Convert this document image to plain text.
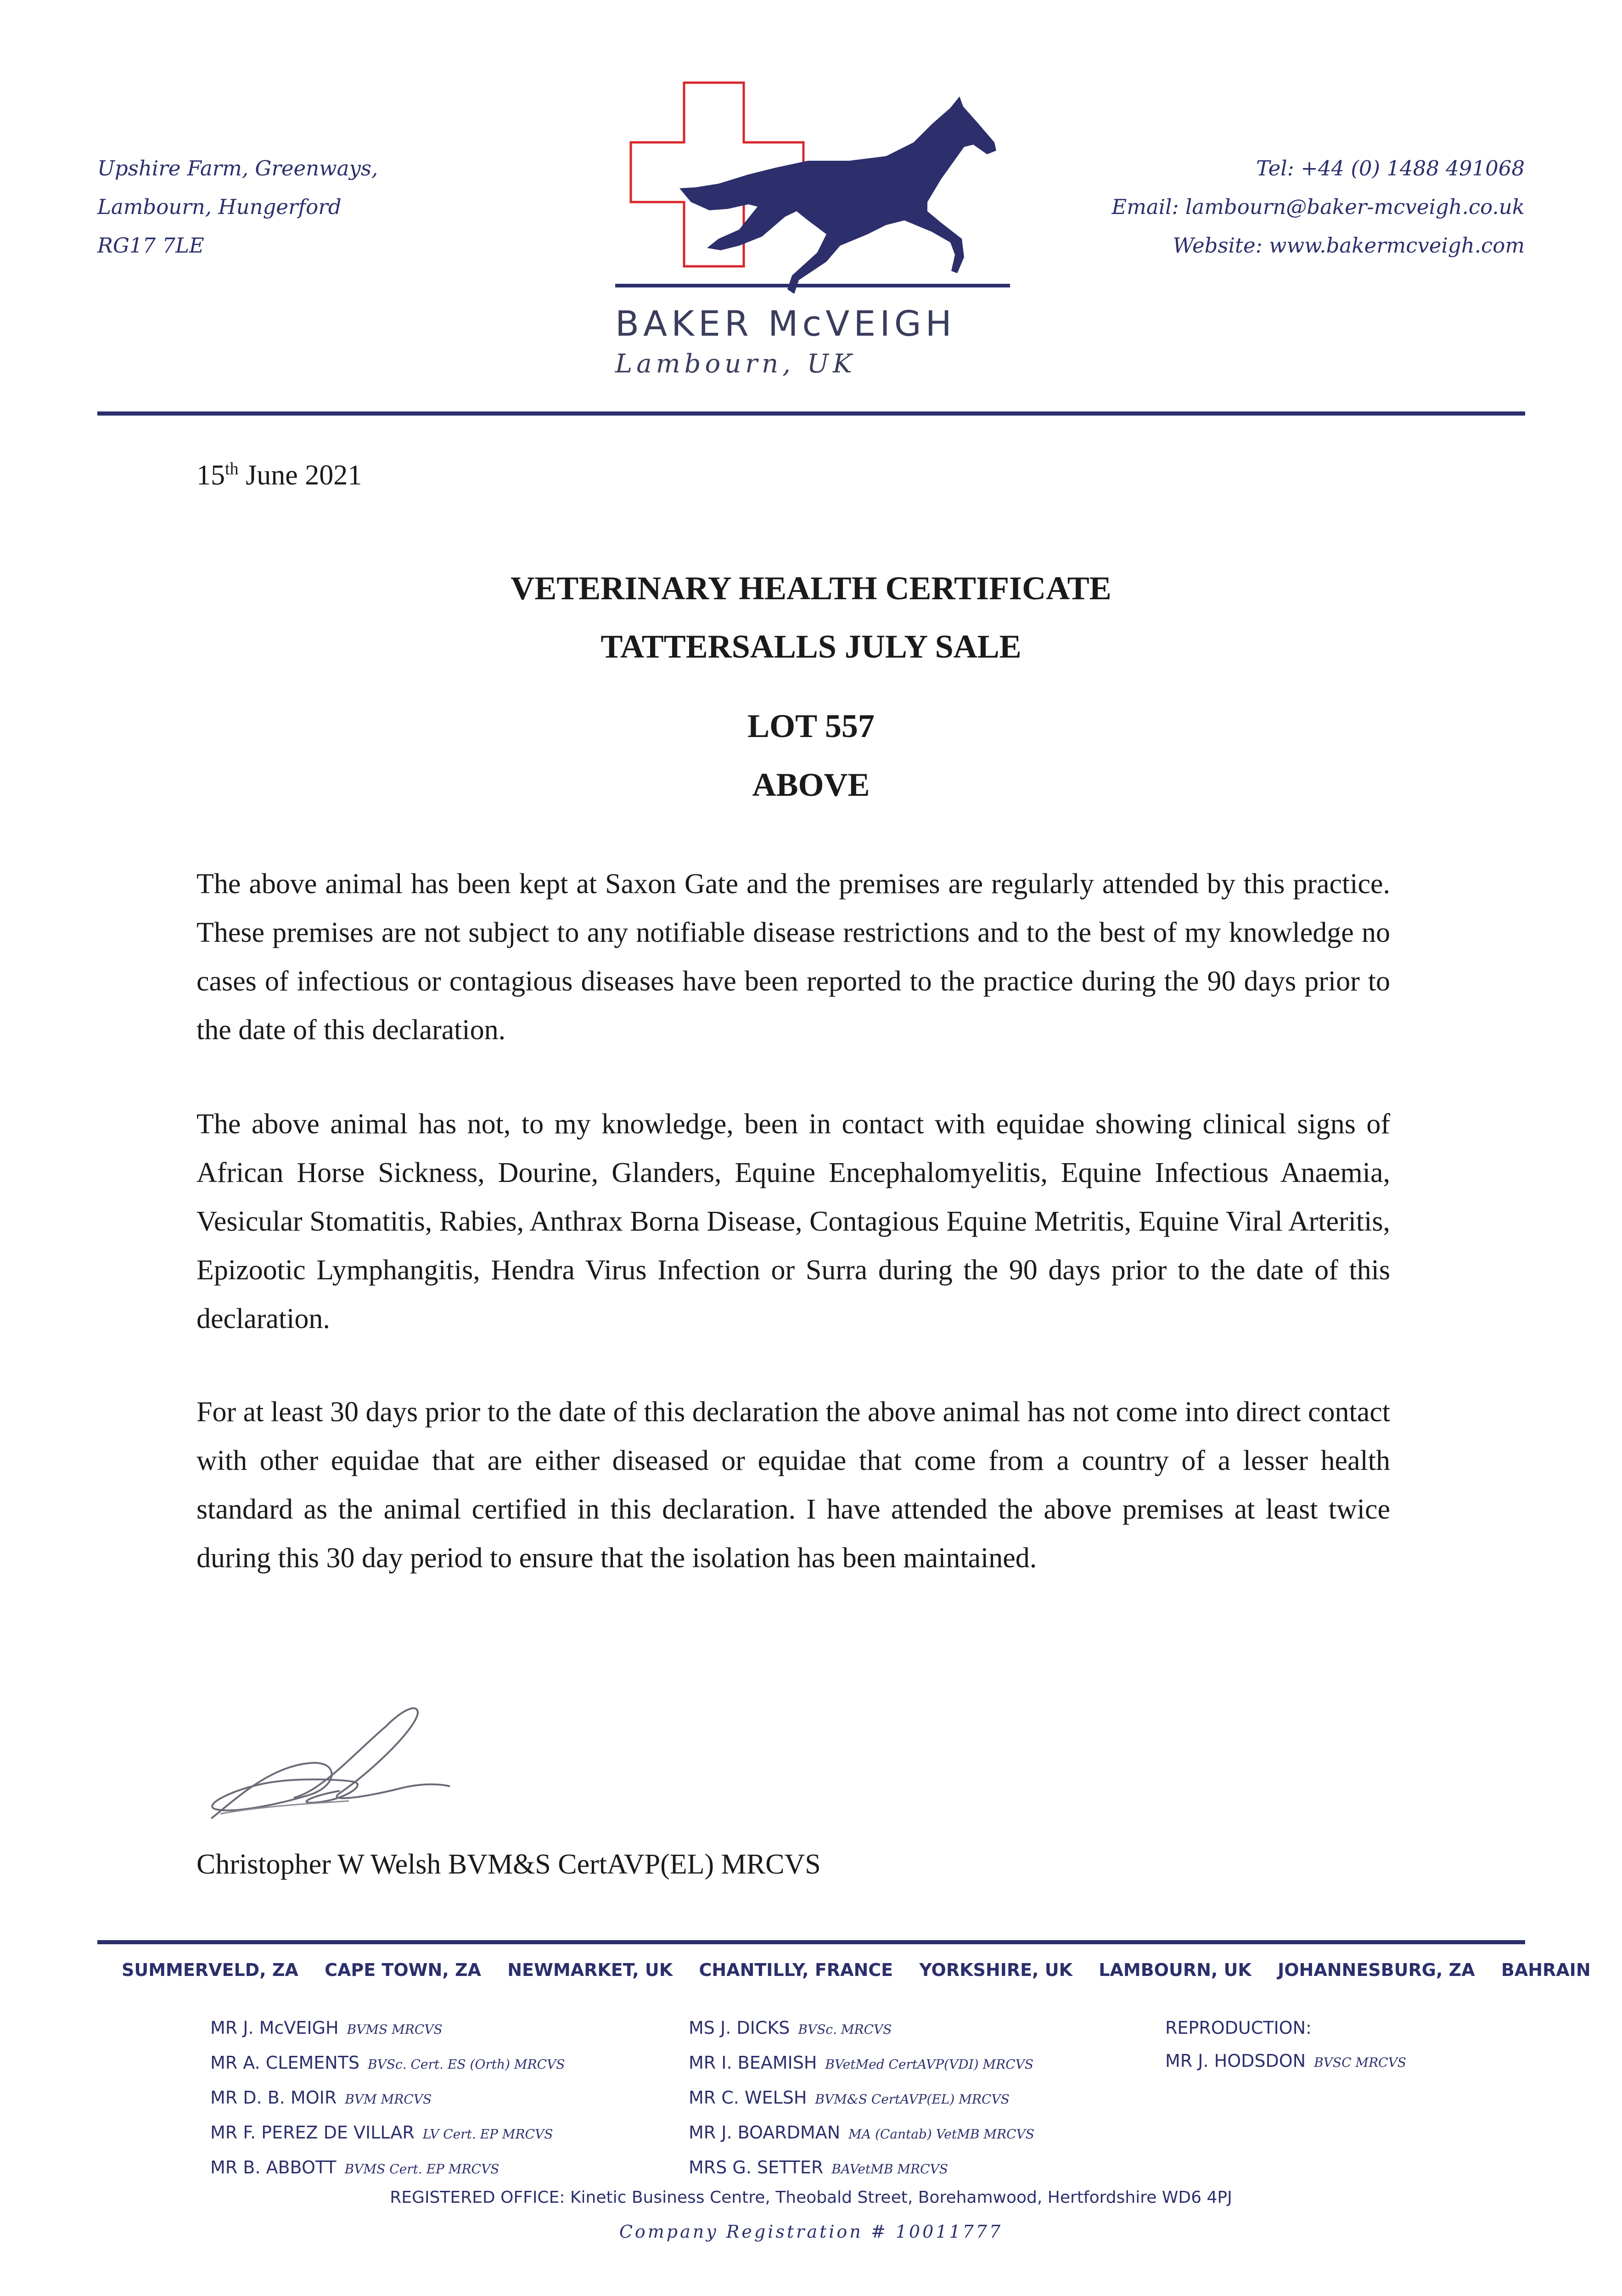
Upshire Farm, Greenways,
Lambourn, Hungerford
RG17 7LE
BAKER McVEIGH
Lambourn, UK
Tel: +44 (0) 1488 491068
Email: lambourn@baker-mcveigh.co.uk
Website: www.bakermcveigh.com
15th June 2021
VETERINARY HEALTH CERTIFICATE
TATTERSALLS JULY SALE
LOT 557
ABOVE
The above animal has been kept at Saxon Gate and the premises are regularly attended by this practice. These premises are not subject to any notifiable disease restrictions and to the best of my knowledge no cases of infectious or contagious diseases have been reported to the practice during the 90 days prior to the date of this declaration.
The above animal has not, to my knowledge, been in contact with equidae showing clinical signs of African Horse Sickness, Dourine, Glanders, Equine Encephalomyelitis, Equine Infectious Anaemia, Vesicular Stomatitis, Rabies, Anthrax Borna Disease, Contagious Equine Metritis, Equine Viral Arteritis, Epizootic Lymphangitis, Hendra Virus Infection or Surra during the 90 days prior to the date of this declaration.
For at least 30 days prior to the date of this declaration the above animal has not come into direct contact with other equidae that are either diseased or equidae that come from a country of a lesser health standard as the animal certified in this declaration. I have attended the above premises at least twice during this 30 day period to ensure that the isolation has been maintained.
Christopher W Welsh BVM&S CertAVP(EL) MRCVS
SUMMERVELD, ZA CAPE TOWN, ZA NEWMARKET, UK CHANTILLY, FRANCE YORKSHIRE, UK LAMBOURN, UK JOHANNESBURG, ZA BAHRAIN
MR J. McVEIGH BVMS MRCVS
MR A. CLEMENTS BVSc. Cert. ES (Orth) MRCVS
MR D. B. MOIR BVM MRCVS
MR F. PEREZ DE VILLAR LV Cert. EP MRCVS
MR B. ABBOTT BVMS Cert. EP MRCVS
MS J. DICKS BVSc. MRCVS
MR I. BEAMISH BVetMed CertAVP(VDI) MRCVS
MR C. WELSH BVM&S CertAVP(EL) MRCVS
MR J. BOARDMAN MA (Cantab) VetMB MRCVS
MRS G. SETTER BAVetMB MRCVS
REPRODUCTION:
MR J. HODSDON BVSC MRCVS
REGISTERED OFFICE: Kinetic Business Centre, Theobald Street, Borehamwood, Hertfordshire WD6 4PJ
Company Registration # 10011777
